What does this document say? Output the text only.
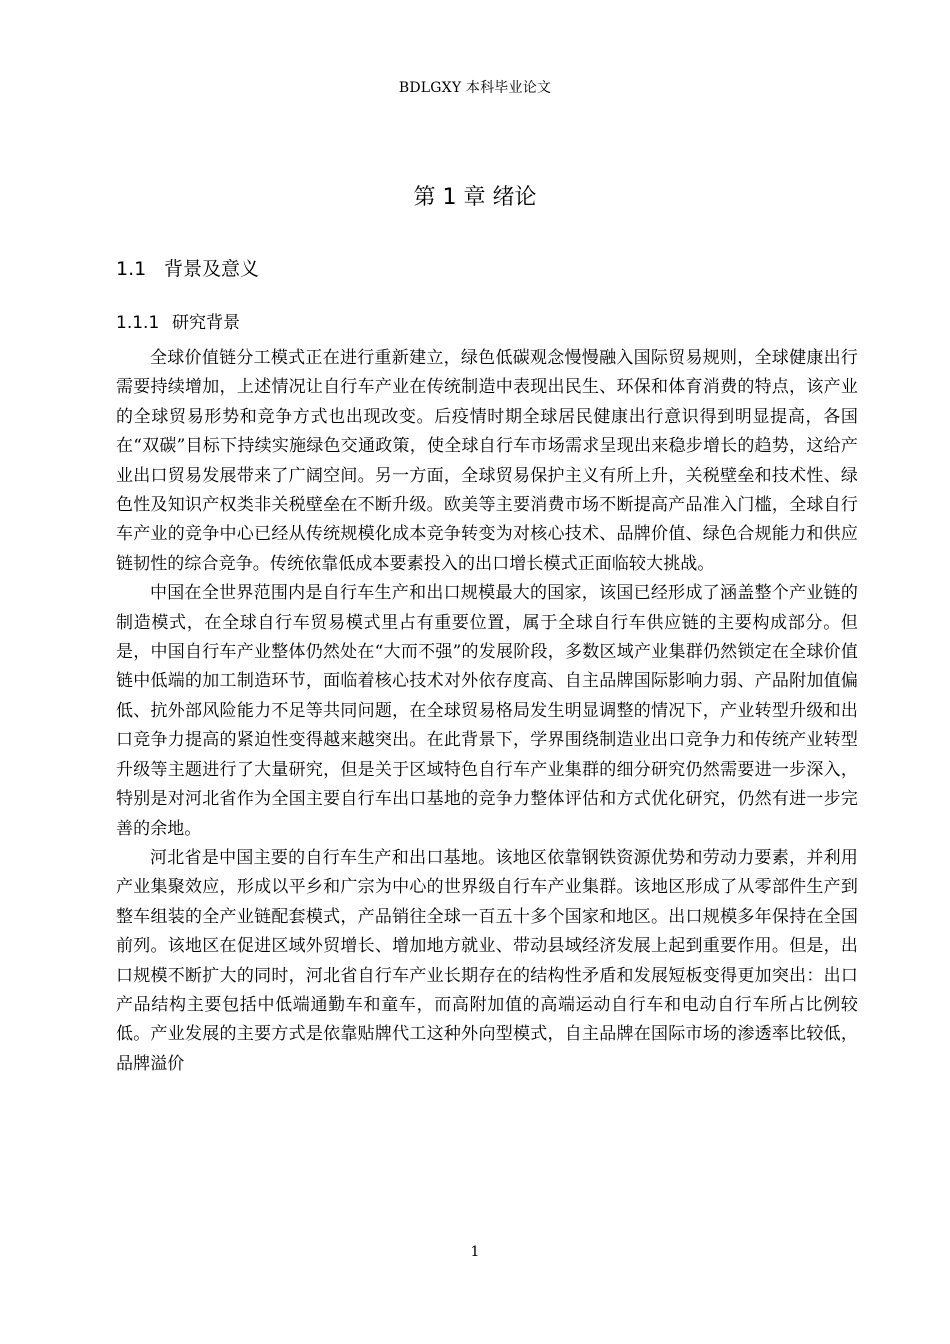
BDLGXY 本科毕业论文
第 1 章 绪论
1.1 背景及意义
1.1.1 研究背景

全球价值链分工模式正在进行重新建立，绿色低碳观念慢慢融入国际贸易规则，全球健康出行需要持续增加，上述情况让自行车产业在传统制造中表现出民生、环保和体育消费的特点，该产业的全球贸易形势和竞争方式也出现改变。后疫情时期全球居民健康出行意识得到明显提高，各国在“双碳”目标下持续实施绿色交通政策，使全球自行车市场需求呈现出来稳步增长的趋势，这给产业出口贸易发展带来了广阔空间。另一方面，全球贸易保护主义有所上升，关税壁垒和技术性、绿色性及知识产权类非关税壁垒在不断升级。欧美等主要消费市场不断提高产品准入门槛，全球自行车产业的竞争中心已经从传统规模化成本竞争转变为对核心技术、品牌价值、绿色合规能力和供应链韧性的综合竞争。传统依靠低成本要素投入的出口增长模式正面临较大挑战。

中国在全世界范围内是自行车生产和出口规模最大的国家，该国已经形成了涵盖整个产业链的制造模式，在全球自行车贸易模式里占有重要位置，属于全球自行车供应链的主要构成部分。但是，中国自行车产业整体仍然处在“大而不强”的发展阶段，多数区域产业集群仍然锁定在全球价值链中低端的加工制造环节，面临着核心技术对外依存度高、自主品牌国际影响力弱、产品附加值偏低、抗外部风险能力不足等共同问题，在全球贸易格局发生明显调整的情况下，产业转型升级和出口竞争力提高的紧迫性变得越来越突出。在此背景下，学界围绕制造业出口竞争力和传统产业转型升级等主题进行了大量研究，但是关于区域特色自行车产业集群的细分研究仍然需要进一步深入，特别是对河北省作为全国主要自行车出口基地的竞争力整体评估和方式优化研究，仍然有进一步完善的余地。

河北省是中国主要的自行车生产和出口基地。该地区依靠钢铁资源优势和劳动力要素，并利用产业集聚效应，形成以平乡和广宗为中心的世界级自行车产业集群。该地区形成了从零部件生产到整车组装的全产业链配套模式，产品销往全球一百五十多个国家和地区。出口规模多年保持在全国前列。该地区在促进区域外贸增长、增加地方就业、带动县域经济发展上起到重要作用。但是，出口规模不断扩大的同时，河北省自行车产业长期存在的结构性矛盾和发展短板变得更加突出：出口产品结构主要包括中低端通勤车和童车，而高附加值的高端运动自行车和电动自行车所占比例较低。产业发展的主要方式是依靠贴牌代工这种外向型模式，自主品牌在国际市场的渗透率比较低，品牌溢价

1
